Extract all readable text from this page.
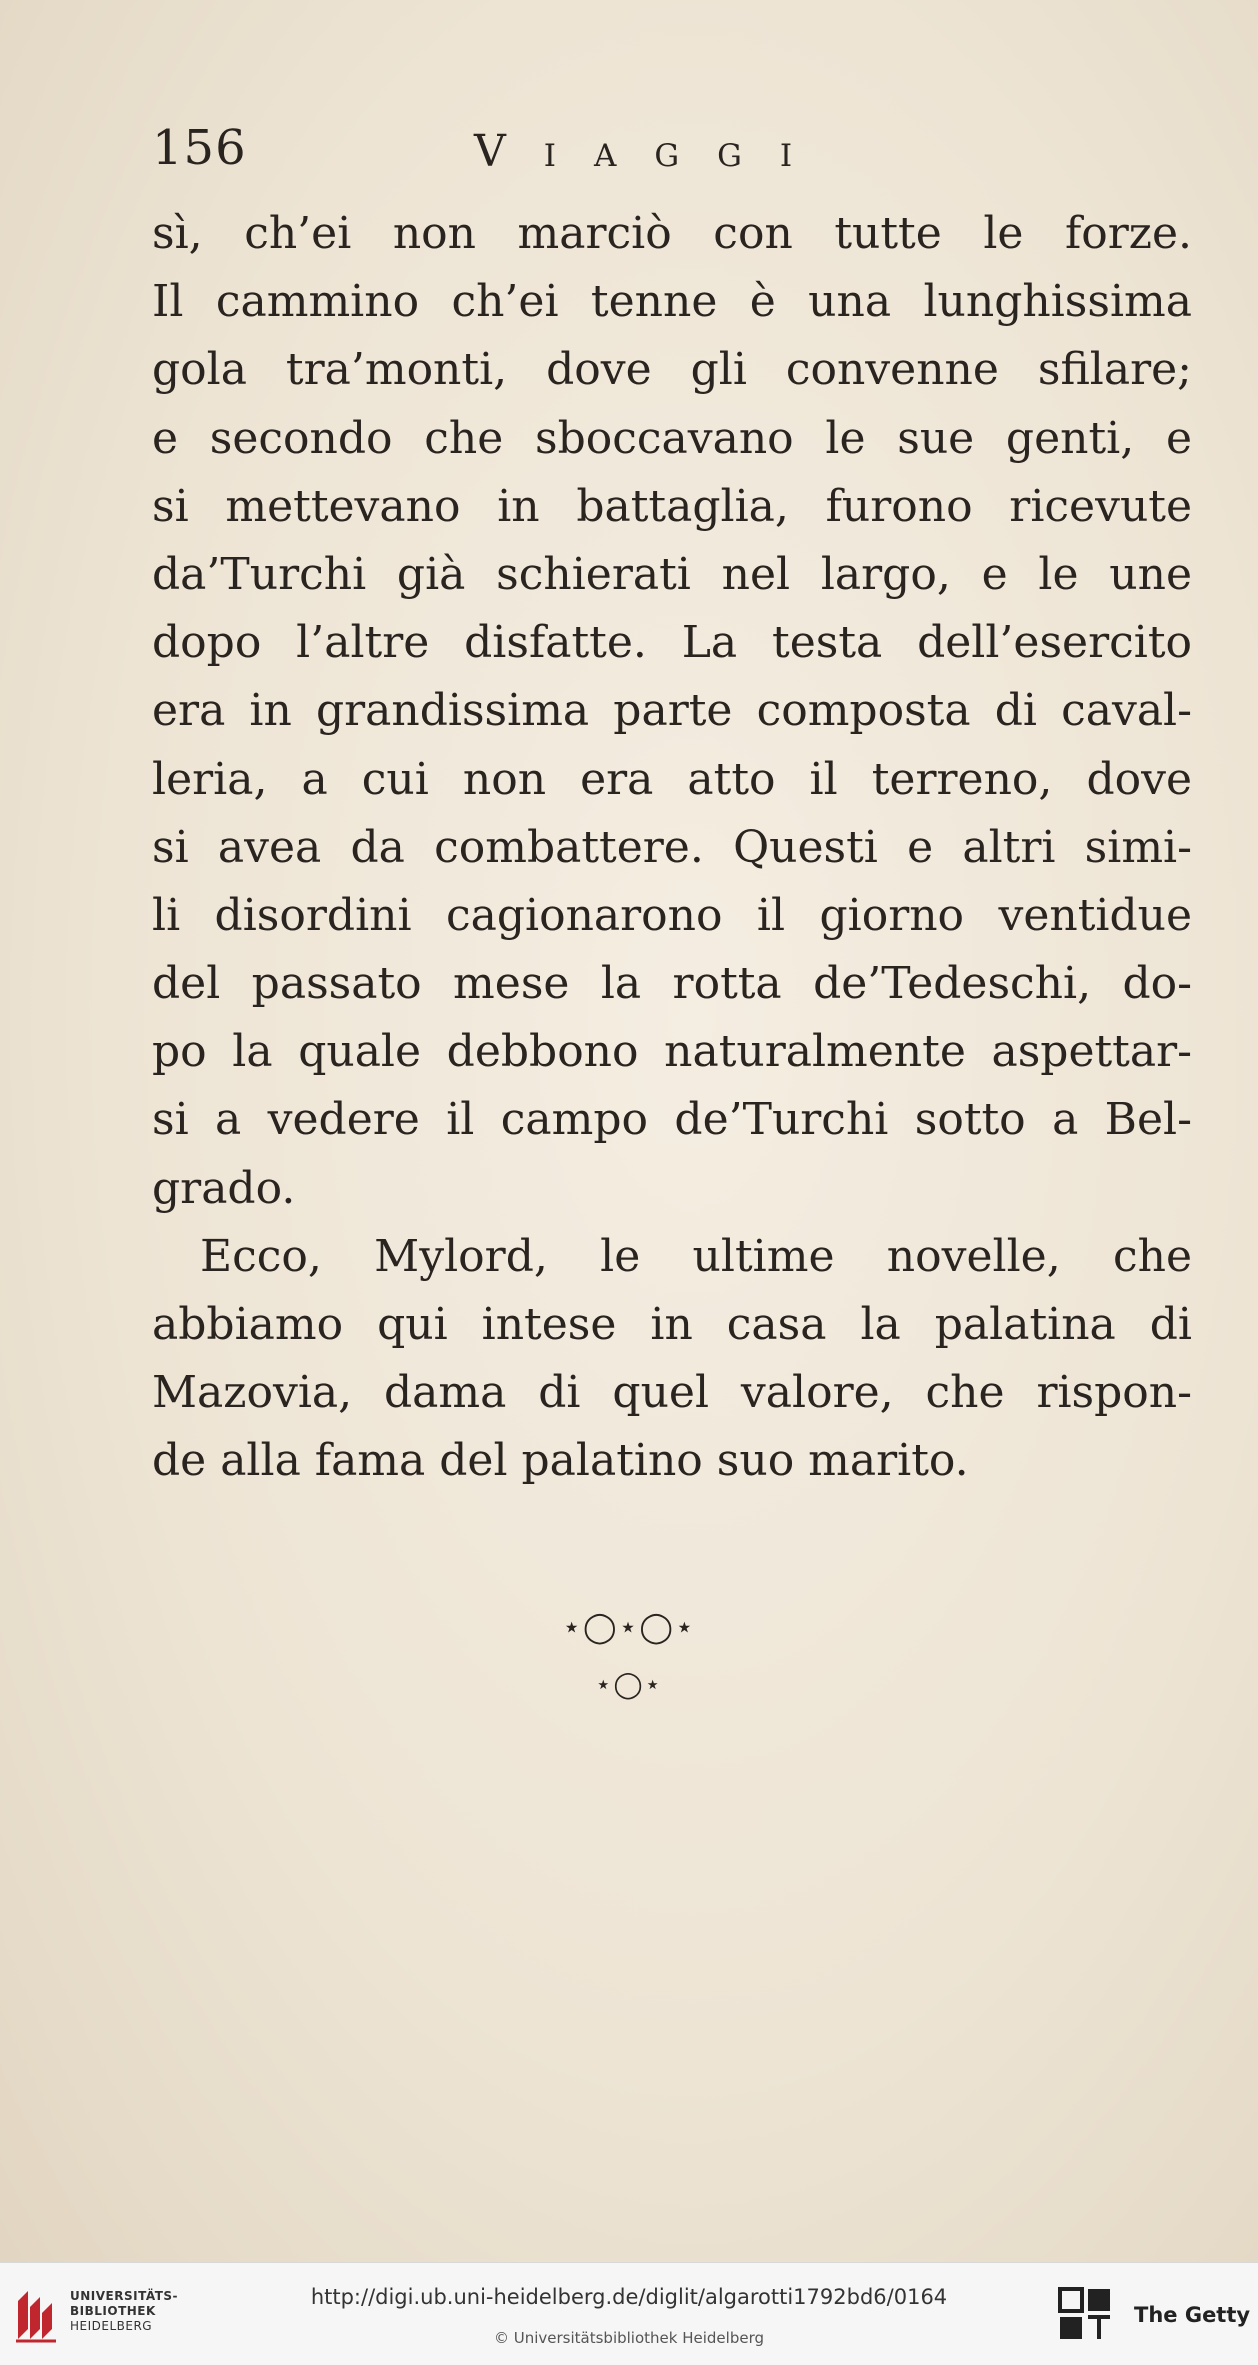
156	Viaggi
sì, ch’ei non marciò con tutte le forze.
Il cammino ch’ei tenne è una lunghissima
gola tra’monti, dove gli convenne sfilare;
e secondo che sboccavano le sue genti, e
si mettevano in battaglia, furono ricevute
da’Turchi già schierati nel largo, e le une
dopo l’altre disfatte. La testa dell’esercito
era in grandissima parte composta di caval-
leria, a cui non era atto il terreno, dove
si avea da combattere. Questi e altri simi-
li disordini cagionarono il giorno ventidue
del passato mese la rotta de’Tedeschi, do-
po la quale debbono naturalmente aspettar-
si a vedere il campo de’Turchi sotto a Bel-
grado.
Ecco, Mylord, le ultime novelle, che
abbiamo qui intese in casa la palatina di
Mazovia, dama di quel valore, che rispon-
de alla fama del palatino suo marito.
⋆◯⋆◯⋆
⋆◯⋆
UNIVERSITÄTS-
BIBLIOTHEK
HEIDELBERG
http://digi.ub.uni-heidelberg.de/diglit/algarotti1792bd6/0164
© Universitätsbibliothek Heidelberg
The Getty
